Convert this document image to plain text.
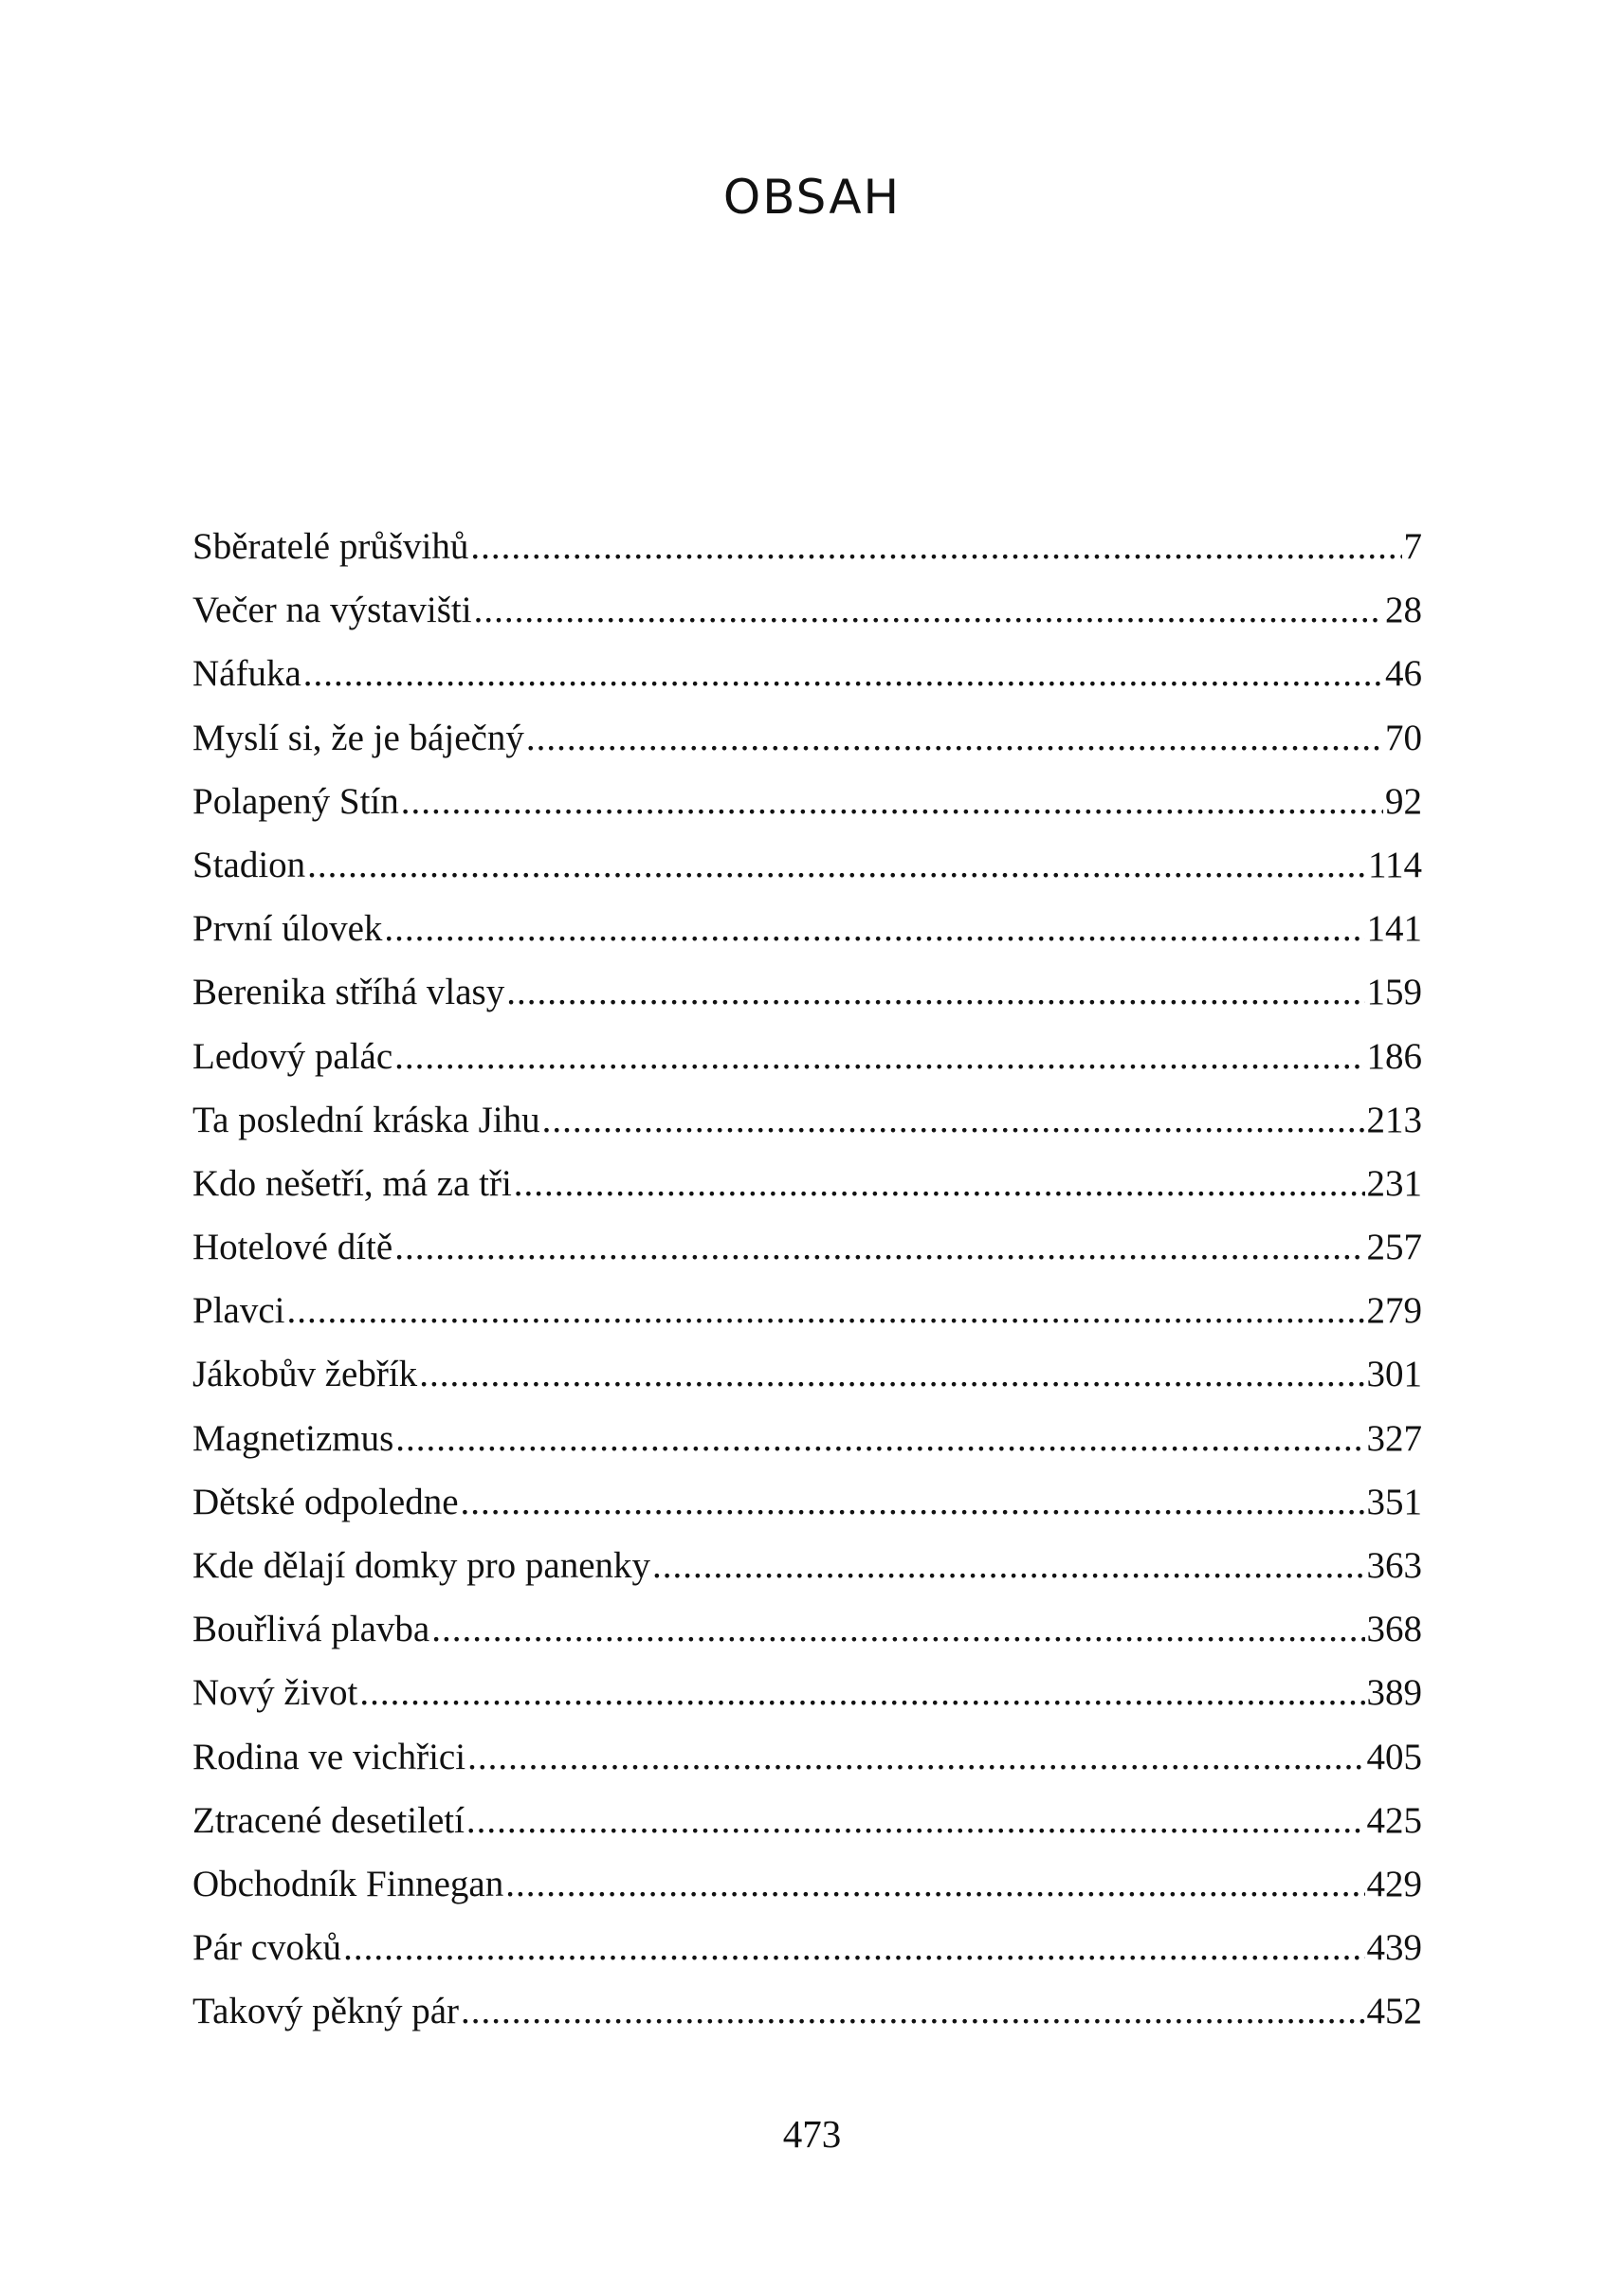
OBSAH
Sběratelé průšvihů .....	7
Večer na výstavišti .....	28
Náfuka .....	46
Myslí si, že je báječný .....	70
Polapený Stín .....	92
Stadion .....	114
První úlovek .....	141
Berenika stříhá vlasy .....	159
Ledový palác .....	186
Ta poslední kráska Jihu .....	213
Kdo nešetří, má za tři .....	231
Hotelové dítě .....	257
Plavci .....	279
Jákobův žebřík .....	301
Magnetizmus .....	327
Dětské odpoledne .....	351
Kde dělají domky pro panenky .....	363
Bouřlivá plavba .....	368
Nový život .....	389
Rodina ve vichřici .....	405
Ztracené desetiletí .....	425
Obchodník Finnegan .....	429
Pár cvoků .....	439
Takový pěkný pár .....	452
473
